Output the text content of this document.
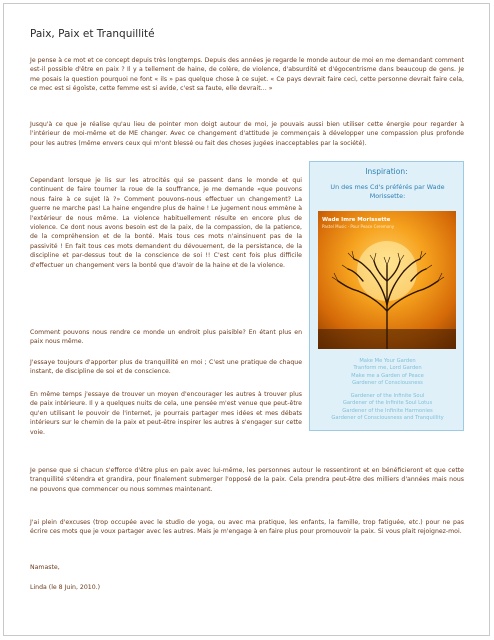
Paix, Paix et Tranquillité

Je pense à ce mot et ce concept depuis très longtemps. Depuis des années je regarde le monde autour de moi en me demandant comment est-il possible d'être en paix ? Il y a tellement de haine, de colère, de violence, d'absurdité et d'égocentrisme dans beaucoup de gens. Je me posais la question pourquoi ne font « ils » pas quelque chose à ce sujet. « Ce pays devrait faire ceci, cette personne devrait faire cela, ce mec est si égoïste, cette femme est si avide, c'est sa faute, elle devrait… »

Jusqu'à ce que je réalise qu'au lieu de pointer mon doigt autour de moi, je pouvais aussi bien utiliser cette énergie pour regarder à l'intérieur de moi-même et de ME changer. Avec ce changement d'attitude je commençais à développer une compassion plus profonde pour les autres (même envers ceux qui m'ont blessé ou fait des choses jugées inacceptables par la société).

Cependant lorsque je lis sur les atrocités qui se passent dans le monde et qui continuent de faire tourner la roue de la souffrance, je me demande «que pouvons nous faire à ce sujet là ?» Comment pouvons-nous effectuer un changement? La guerre ne marche pas! La haine engendre plus de haine ! Le jugement nous emmène à l'extérieur de nous même. La violence habituellement résulte en encore plus de violence. Ce dont nous avons besoin est de la paix, de la compassion, de la patience, de la compréhension et de la bonté. Mais tous ces mots n'ainsinuent pas de la passivité ! En fait tous ces mots demandent du dévouement, de la persistance, de la discipline et par-dessus tout de la conscience de soi !! C'est cent fois plus difficile d'effectuer un changement vers la bonté que d'avoir de la haine et de la violence.

Comment pouvons nous rendre ce monde un endroit plus paisible? En étant plus en paix nous même.

J'essaye toujours d'apporter plus de tranquillité en moi ; C'est une pratique de chaque instant, de discipline de soi et de conscience.

En même temps j'essaye de trouver un moyen d'encourager les autres à trouver plus de paix intérieure. Il y a quelques nuits de cela, une pensée m'est venue que peut-être qu'en utilisant le pouvoir de l'internet, je pourrais partager mes idées et mes débats intérieurs sur le chemin de la paix et peut-être inspirer les autres à s'engager sur cette voie.

Je pense que si chacun s'efforce d'être plus en paix avec lui-même, les personnes autour le ressentiront et en bénéficieront et que cette tranquillité s'étendra et grandira, pour finalement submerger l'opposé de la paix. Cela prendra peut-être des milliers d'années mais nous ne pouvons que commencer ou nous sommes maintenant.

J'ai plein d'excuses (trop occupée avec le studio de yoga, ou avec ma pratique, les enfants, la famille, trop fatiguée, etc.) pour ne pas écrire ces mots que je voux partager avec les autres. Mais je m'engage à en faire plus pour promouvoir la paix. Si vous plait rejoignez-moi.

Namaste,

Linda (le 8 Juin, 2010.)

Inspiration:
Un des mes Cd's préférés par Wade Morissette:
Wade Imre Morissette
Pastel Music · Pour Peace Ceremony
Make Me Your Garden
Tranform me, Lord Garden
Make me a Garden of Peace
Gardener of Consciousness
Gardener of the Infinite Soul
Gardener of the Infinite Soul Lotus
Gardener of the Infinite Harmonies
Gardener of Consciousness and Tranquillity
